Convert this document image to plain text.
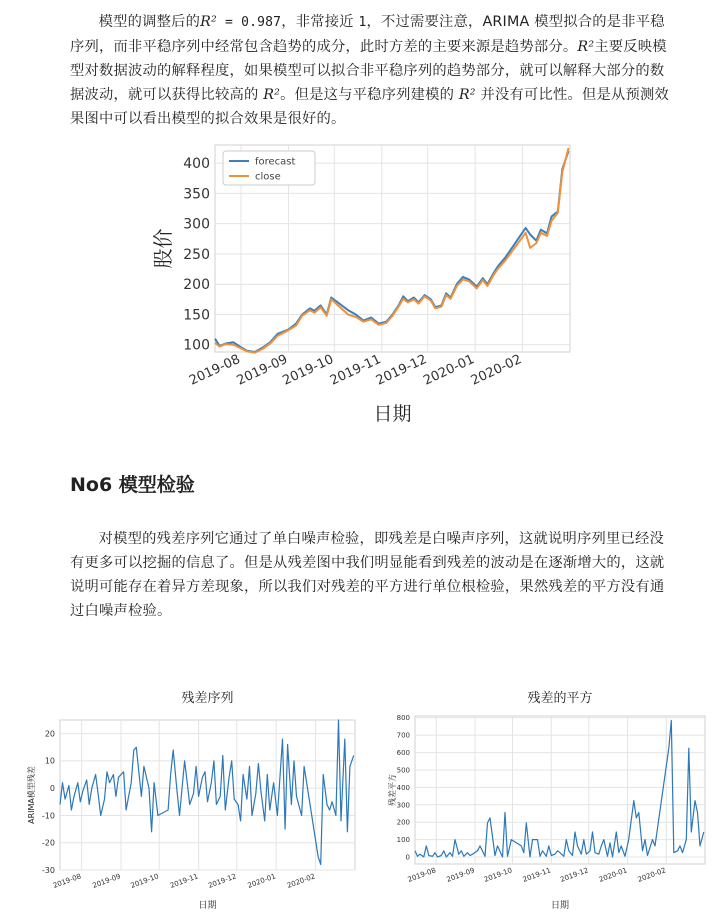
模型的调整后的R² = 0.987，非常接近 1，不过需要注意，ARIMA 模型拟合的是非平稳序列，而非平稳序列中经常包含趋势的成分，此时方差的主要来源是趋势部分。R²主要反映模型对数据波动的解释程度，如果模型可以拟合非平稳序列的趋势部分，就可以解释大部分的数据波动，就可以获得比较高的 R²。但是这与平稳序列建模的 R² 并没有可比性。但是从预测效果图中可以看出模型的拟合效果是很好的。

100
150
200
250
300
350
400
2019-08
2019-09
2019-10
2019-11
2019-12
2020-01
2020-02
日期
股价
forecast
close
No6 模型检验

对模型的残差序列它通过了单白噪声检验，即残差是白噪声序列，这就说明序列里已经没有更多可以挖掘的信息了。但是从残差图中我们明显能看到残差的波动是在逐渐增大的，这就说明可能存在着异方差现象，所以我们对残差的平方进行单位根检验，果然残差的平方没有通过白噪声检验。

-30
-20
-10
0
10
20
2019-08 2019-09 2019-10 2019-11 2019-12 2020-01 2020-02
残差序列
日期
ARIMA模型残差
0
100
200
300
400
500
600
700
800
2019-08 2019-09 2019-10 2019-11 2019-12 2020-01 2020-02
残差的平方
日期
残差平方
